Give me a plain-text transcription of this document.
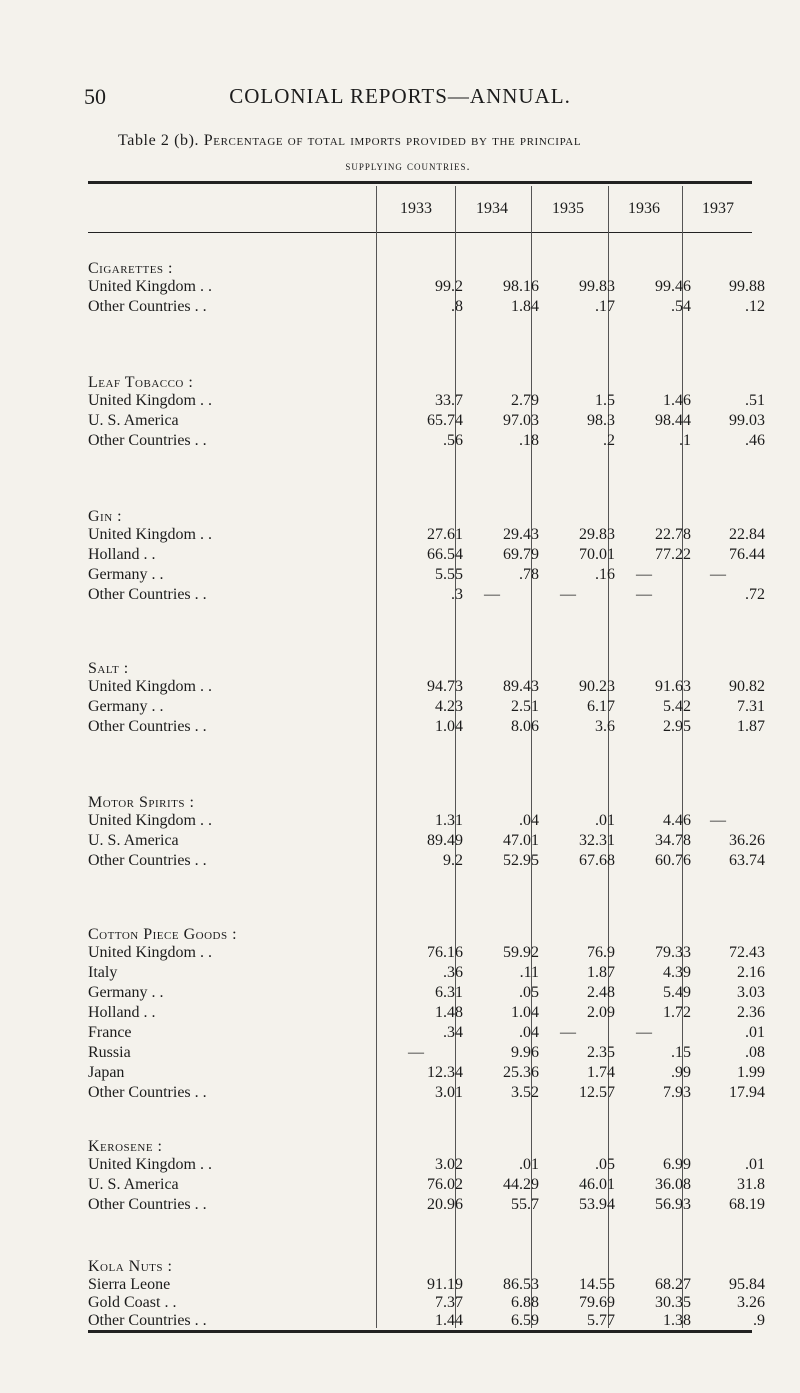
50	COLONIAL REPORTS—ANNUAL.
Table 2 (b). Percentage of total imports provided by the principal
supplying countries.
1933	1934	1935	1936	1937
Cigarettes :
United Kingdom . .	99.2	98.16	99.83	99.46	99.88
Other Countries . .	.8	1.84	.17	.54	.12
Leaf Tobacco :
United Kingdom . .	33.7	2.79	1.5	1.46	.51
U. S. America	65.74	97.03	98.3	98.44	99.03
Other Countries . .	.56	.18	.2	.1	.46
Gin :
United Kingdom . .	27.61	29.43	29.83	22.78	22.84
Holland . .	66.54	69.79	70.01	77.22	76.44
Germany . .	5.55	.78	.16	—	—
Other Countries . .	.3	—	—	—	.72
Salt :
United Kingdom . .	94.73	89.43	90.23	91.63	90.82
Germany . .	4.23	2.51	6.17	5.42	7.31
Other Countries . .	1.04	8.06	3.6	2.95	1.87
Motor Spirits :
United Kingdom . .	1.31	.04	.01	4.46	—
U. S. America	89.49	47.01	32.31	34.78	36.26
Other Countries . .	9.2	52.95	67.68	60.76	63.74
Cotton Piece Goods :
United Kingdom . .	76.16	59.92	76.9	79.33	72.43
Italy	.36	.11	1.87	4.39	2.16
Germany . .	6.31	.05	2.48	5.49	3.03
Holland . .	1.48	1.04	2.09	1.72	2.36
France	.34	.04	—	—	.01
Russia	—	9.96	2.35	.15	.08
Japan	12.34	25.36	1.74	.99	1.99
Other Countries . .	3.01	3.52	12.57	7.93	17.94
Kerosene :
United Kingdom . .	3.02	.01	.05	6.99	.01
U. S. America	76.02	44.29	46.01	36.08	31.8
Other Countries . .	20.96	55.7	53.94	56.93	68.19
Kola Nuts :
Sierra Leone	91.19	86.53	14.55	68.27	95.84
Gold Coast . .	7.37	6.88	79.69	30.35	3.26
Other Countries . .	1.44	6.59	5.77	1.38	.9
